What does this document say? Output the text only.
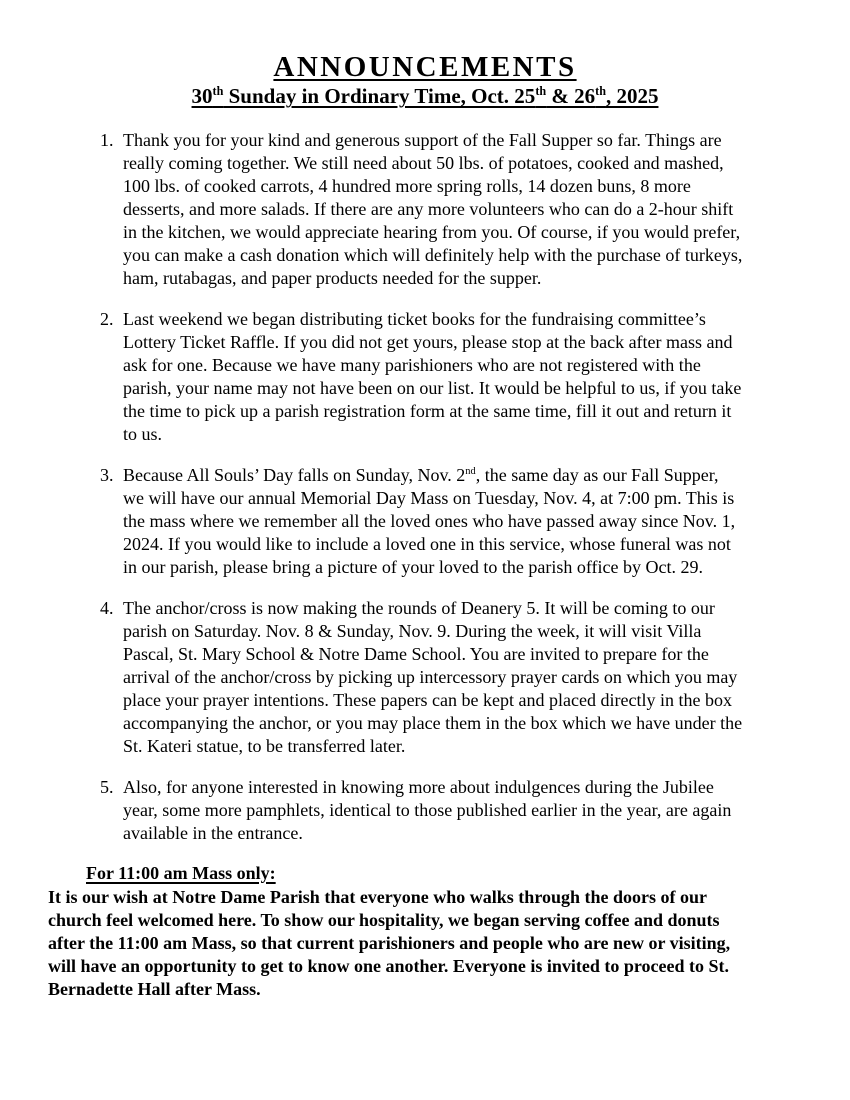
ANNOUNCEMENTS
30th Sunday in Ordinary Time, Oct. 25th & 26th, 2025
1. Thank you for your kind and generous support of the Fall Supper so far. Things are
really coming together. We still need about 50 lbs. of potatoes, cooked and mashed,
100 lbs. of cooked carrots, 4 hundred more spring rolls, 14 dozen buns, 8 more
desserts, and more salads. If there are any more volunteers who can do a 2-hour shift
in the kitchen, we would appreciate hearing from you. Of course, if you would prefer,
you can make a cash donation which will definitely help with the purchase of turkeys,
ham, rutabagas, and paper products needed for the supper.
2. Last weekend we began distributing ticket books for the fundraising committee’s
Lottery Ticket Raffle. If you did not get yours, please stop at the back after mass and
ask for one. Because we have many parishioners who are not registered with the
parish, your name may not have been on our list. It would be helpful to us, if you take
the time to pick up a parish registration form at the same time, fill it out and return it
to us.
3. Because All Souls’ Day falls on Sunday, Nov. 2nd, the same day as our Fall Supper,
we will have our annual Memorial Day Mass on Tuesday, Nov. 4, at 7:00 pm. This is
the mass where we remember all the loved ones who have passed away since Nov. 1,
2024. If you would like to include a loved one in this service, whose funeral was not
in our parish, please bring a picture of your loved to the parish office by Oct. 29.
4. The anchor/cross is now making the rounds of Deanery 5. It will be coming to our
parish on Saturday. Nov. 8 & Sunday, Nov. 9. During the week, it will visit Villa
Pascal, St. Mary School & Notre Dame School. You are invited to prepare for the
arrival of the anchor/cross by picking up intercessory prayer cards on which you may
place your prayer intentions. These papers can be kept and placed directly in the box
accompanying the anchor, or you may place them in the box which we have under the
St. Kateri statue, to be transferred later.
5. Also, for anyone interested in knowing more about indulgences during the Jubilee
year, some more pamphlets, identical to those published earlier in the year, are again
available in the entrance.
For 11:00 am Mass only:
It is our wish at Notre Dame Parish that everyone who walks through the doors of our
church feel welcomed here. To show our hospitality, we began serving coffee and donuts
after the 11:00 am Mass, so that current parishioners and people who are new or visiting,
will have an opportunity to get to know one another. Everyone is invited to proceed to St.
Bernadette Hall after Mass.
